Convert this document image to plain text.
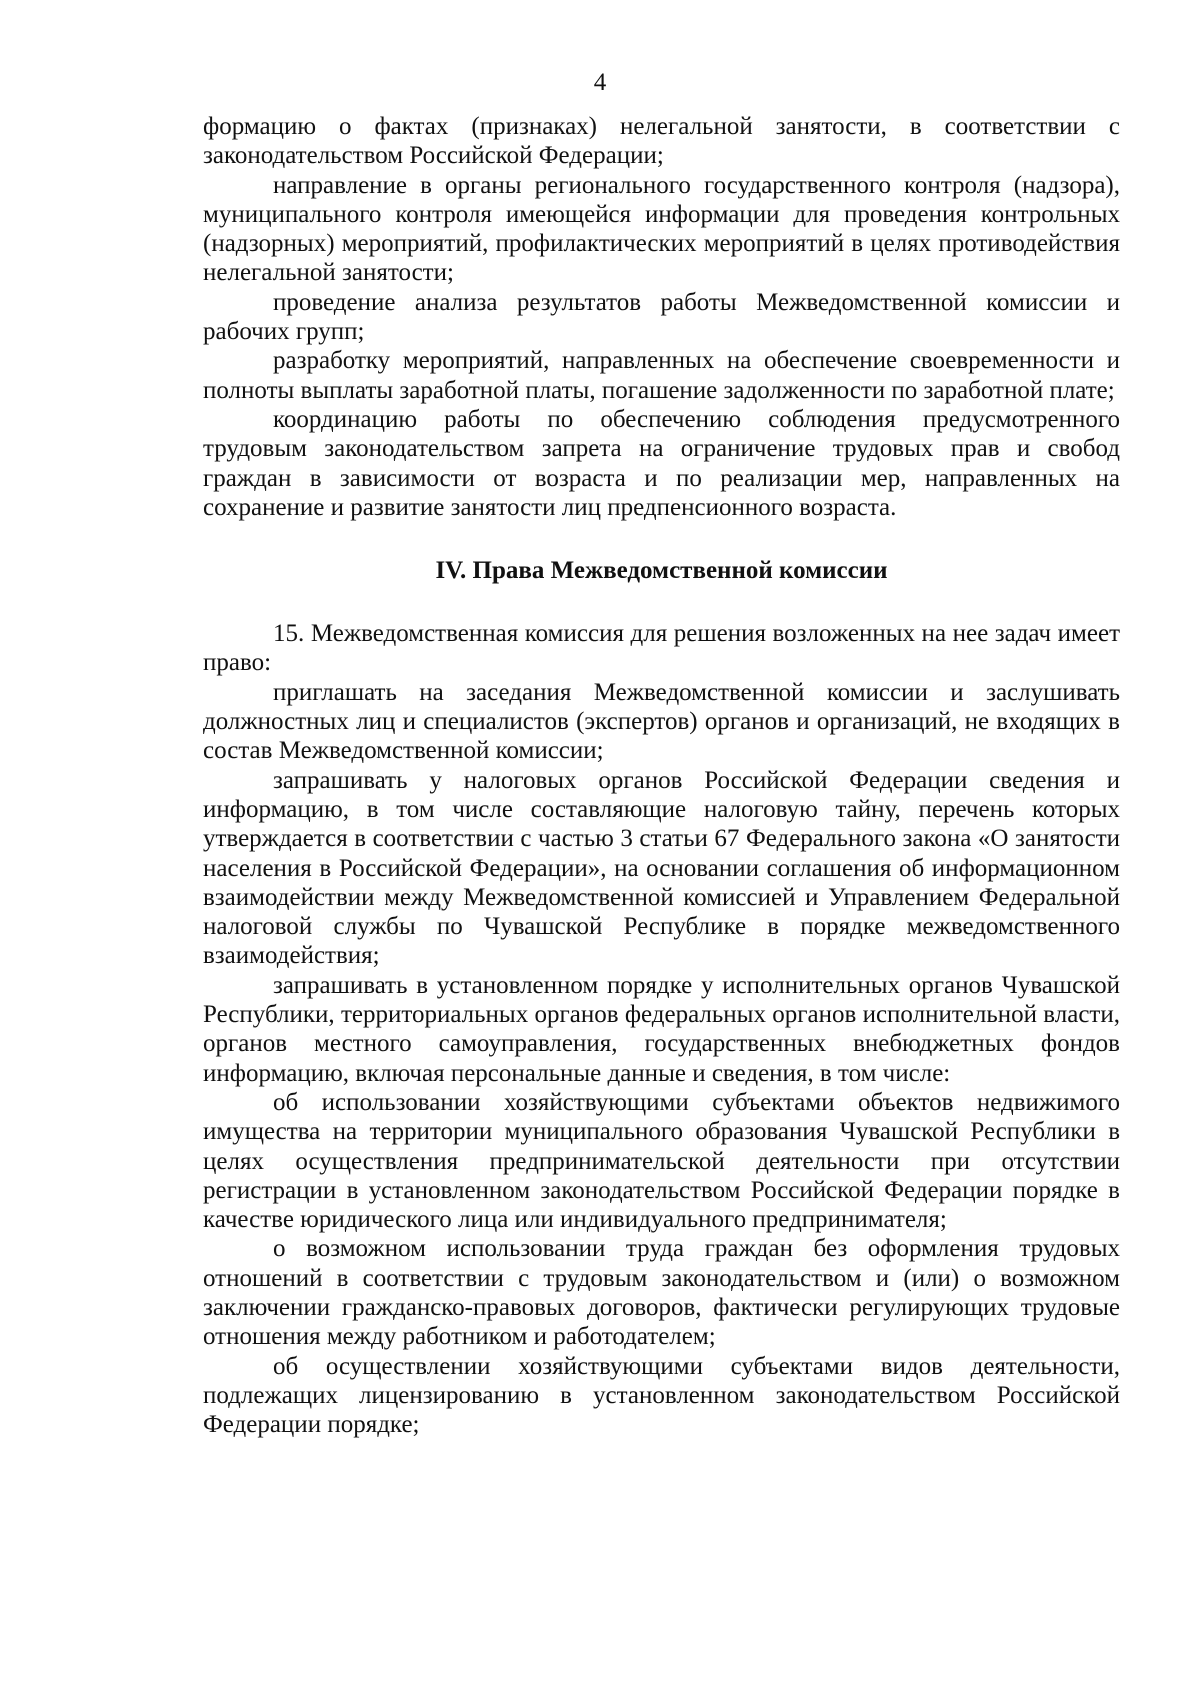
4

формацию о фактах (признаках) нелегальной занятости, в соответствии с законодательством Российской Федерации;

направление в органы регионального государственного контроля (надзора), муниципального контроля имеющейся информации для проведения контрольных (надзорных) мероприятий, профилактических мероприятий в целях противодействия нелегальной занятости;

проведение анализа результатов работы Межведомственной комиссии и рабочих групп;

разработку мероприятий, направленных на обеспечение своевременности и полноты выплаты заработной платы, погашение задолженности по заработной плате;

координацию работы по обеспечению соблюдения предусмотренного трудовым законодательством запрета на ограничение трудовых прав и свобод граждан в зависимости от возраста и по реализации мер, направленных на сохранение и развитие занятости лиц предпенсионного возраста.

IV. Права Межведомственной комиссии

15. Межведомственная комиссия для решения возложенных на нее задач имеет право:

приглашать на заседания Межведомственной комиссии и заслушивать должностных лиц и специалистов (экспертов) органов и организаций, не входящих в состав Межведомственной комиссии;

запрашивать у налоговых органов Российской Федерации сведения и информацию, в том числе составляющие налоговую тайну, перечень которых утверждается в соответствии с частью 3 статьи 67 Федерального закона «О занятости населения в Российской Федерации», на основании соглашения об информационном взаимодействии между Межведомственной комиссией и Управлением Федеральной налоговой службы по Чувашской Республике в порядке межведомственного взаимодействия;

запрашивать в установленном порядке у исполнительных органов Чувашской Республики, территориальных органов федеральных органов исполнительной власти, органов местного самоуправления, государственных внебюджетных фондов информацию, включая персональные данные и сведения, в том числе:

об использовании хозяйствующими субъектами объектов недвижимого имущества на территории муниципального образования Чувашской Республики в целях осуществления предпринимательской деятельности при отсутствии регистрации в установленном законодательством Российской Федерации порядке в качестве юридического лица или индивидуального предпринимателя;

о возможном использовании труда граждан без оформления трудовых отношений в соответствии с трудовым законодательством и (или) о возможном заключении гражданско-правовых договоров, фактически регулирующих трудовые отношения между работником и работодателем;

об осуществлении хозяйствующими субъектами видов деятельности, подлежащих лицензированию в установленном законодательством Российской Федерации порядке;
